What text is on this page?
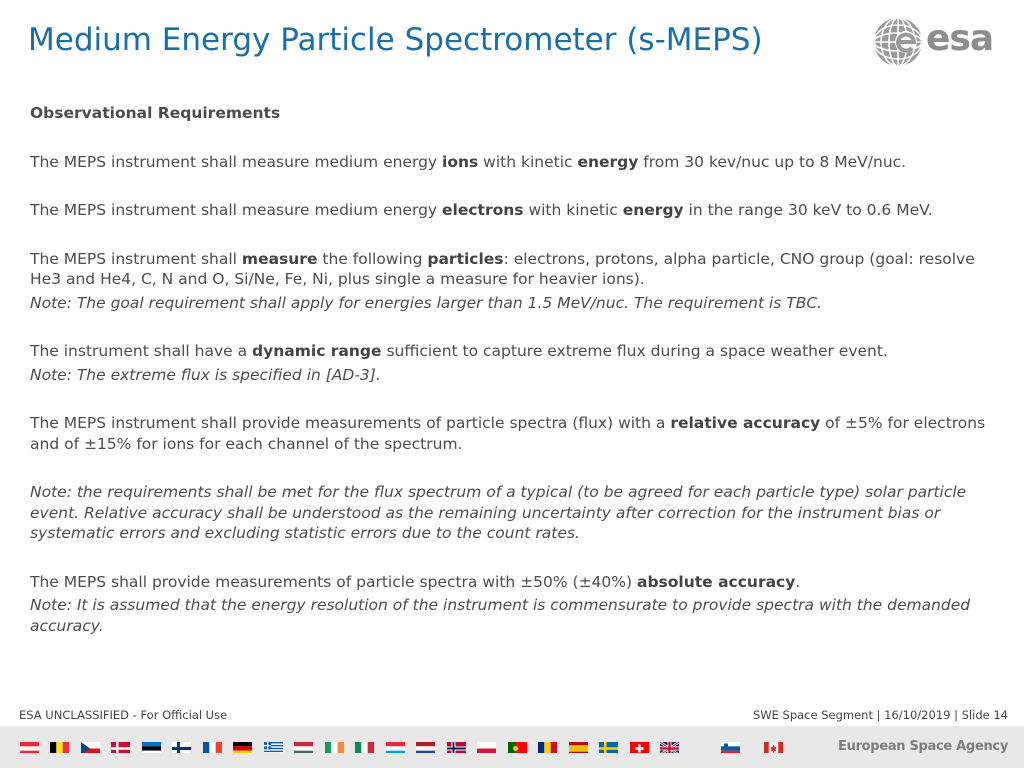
Medium Energy Particle Spectrometer (s-MEPS)	esa
Observational Requirements
The MEPS instrument shall measure medium energy ions with kinetic energy from 30 kev/nuc up to 8 MeV/nuc.
The MEPS instrument shall measure medium energy electrons with kinetic energy in the range 30 keV to 0.6 MeV.
The MEPS instrument shall measure the following particles: electrons, protons, alpha particle, CNO group (goal: resolve He3 and He4, C, N and O, Si/Ne, Fe, Ni, plus single a measure for heavier ions).
Note: The goal requirement shall apply for energies larger than 1.5 MeV/nuc. The requirement is TBC.
The instrument shall have a dynamic range sufficient to capture extreme flux during a space weather event.
Note: The extreme flux is specified in [AD-3].
The MEPS instrument shall provide measurements of particle spectra (flux) with a relative accuracy of ±5% for electrons and of ±15% for ions for each channel of the spectrum.
Note: the requirements shall be met for the flux spectrum of a typical (to be agreed for each particle type) solar particle event. Relative accuracy shall be understood as the remaining uncertainty after correction for the instrument bias or systematic errors and excluding statistic errors due to the count rates.
The MEPS shall provide measurements of particle spectra with ±50% (±40%) absolute accuracy.
Note: It is assumed that the energy resolution of the instrument is commensurate to provide spectra with the demanded accuracy.
ESA UNCLASSIFIED - For Official Use	SWE Space Segment | 16/10/2019 | Slide 14
European Space Agency
